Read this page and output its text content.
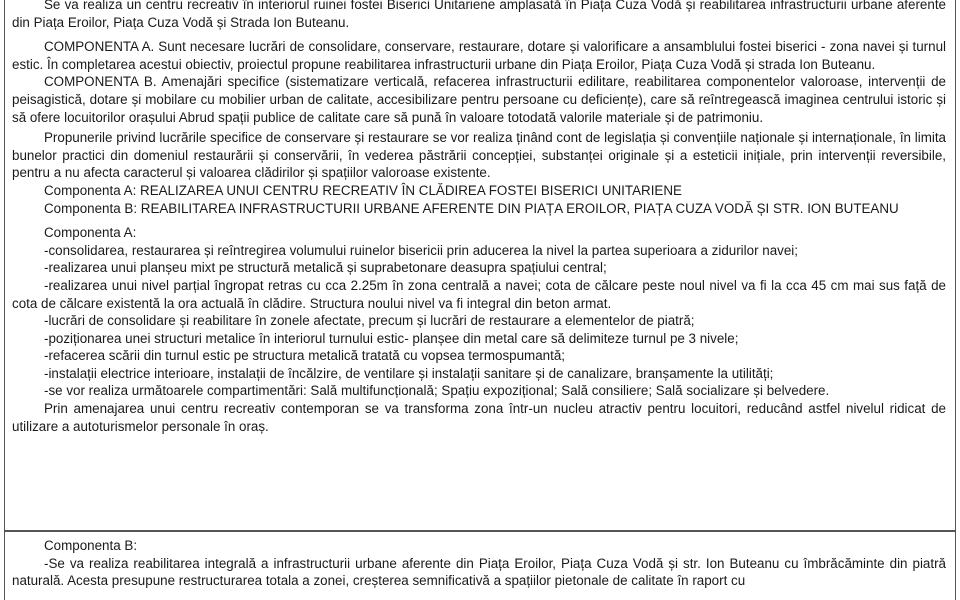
Se va realiza un centru recreativ în interiorul ruinei fostei Biserici Unitariene amplasată în Piața Cuza Vodă și reabilitarea infrastructurii urbane aferente din Piața Eroilor, Piața Cuza Vodă și Strada Ion Buteanu.

COMPONENTA A. Sunt necesare lucrări de consolidare, conservare, restaurare, dotare și valorificare a ansamblului fostei biserici - zona navei și turnul estic. În completarea acestui obiectiv, proiectul propune reabilitarea infrastructurii urbane din Piața Eroilor, Piața Cuza Vodă și strada Ion Buteanu.

COMPONENTA B. Amenajări specifice (sistematizare verticală, refacerea infrastructurii edilitare, reabilitarea componentelor valoroase, intervenții de peisagistică, dotare și mobilare cu mobilier urban de calitate, accesibilizare pentru persoane cu deficiențe), care să reîntregească imaginea centrului istoric și să ofere locuitorilor orașului Abrud spații publice de calitate care să pună în valoare totodată valorile materiale și de patrimoniu.

Propunerile privind lucrările specifice de conservare și restaurare se vor realiza ținând cont de legislația și convențiile naționale și internaționale, în limita bunelor practici din domeniul restaurării și conservării, în vederea păstrării concepției, substanței originale și a esteticii inițiale, prin intervenții reversibile, pentru a nu afecta caracterul și valoarea clădirilor și spațiilor valoroase existente.

Componenta A: REALIZAREA UNUI CENTRU RECREATIV ÎN CLĂDIREA FOSTEI BISERICI UNITARIENE

Componenta B: REABILITAREA INFRASTRUCTURII URBANE AFERENTE DIN PIAȚA EROILOR, PIAȚA CUZA VODĂ ȘI STR. ION BUTEANU

Componenta A:

-consolidarea, restaurarea și reîntregirea volumului ruinelor bisericii prin aducerea la nivel la partea superioara a zidurilor navei;

-realizarea unui planșeu mixt pe structură metalică și suprabetonare deasupra spațiului central;

-realizarea unui nivel parțial îngropat retras cu cca 2.25m în zona centrală a navei; cota de călcare peste noul nivel va fi la cca 45 cm mai sus față de cota de călcare existentă la ora actuală în clădire. Structura noului nivel va fi integral din beton armat.

-lucrări de consolidare și reabilitare în zonele afectate, precum și lucrări de restaurare a elementelor de piatră;

-poziționarea unei structuri metalice în interiorul turnului estic- planșee din metal care să delimiteze turnul pe 3 nivele;

-refacerea scării din turnul estic pe structura metalică tratată cu vopsea termospumantă;

-instalații electrice interioare, instalații de încălzire, de ventilare și instalații sanitare și de canalizare, branșamente la utilități;

-se vor realiza următoarele compartimentări: Sală multifuncțională; Spațiu expozițional; Sală consiliere; Sală socializare și belvedere.

Prin amenajarea unui centru recreativ contemporan se va transforma zona într-un nucleu atractiv pentru locuitori, reducând astfel nivelul ridicat de utilizare a autoturismelor personale în oraș.

Componenta B:

-Se va realiza reabilitarea integrală a infrastructurii urbane aferente din Piața Eroilor, Piața Cuza Vodă și str. Ion Buteanu cu îmbrăcăminte din piatră naturală. Acesta presupune restructurarea totala a zonei, creșterea semnificativă a spațiilor pietonale de calitate în raport cu
